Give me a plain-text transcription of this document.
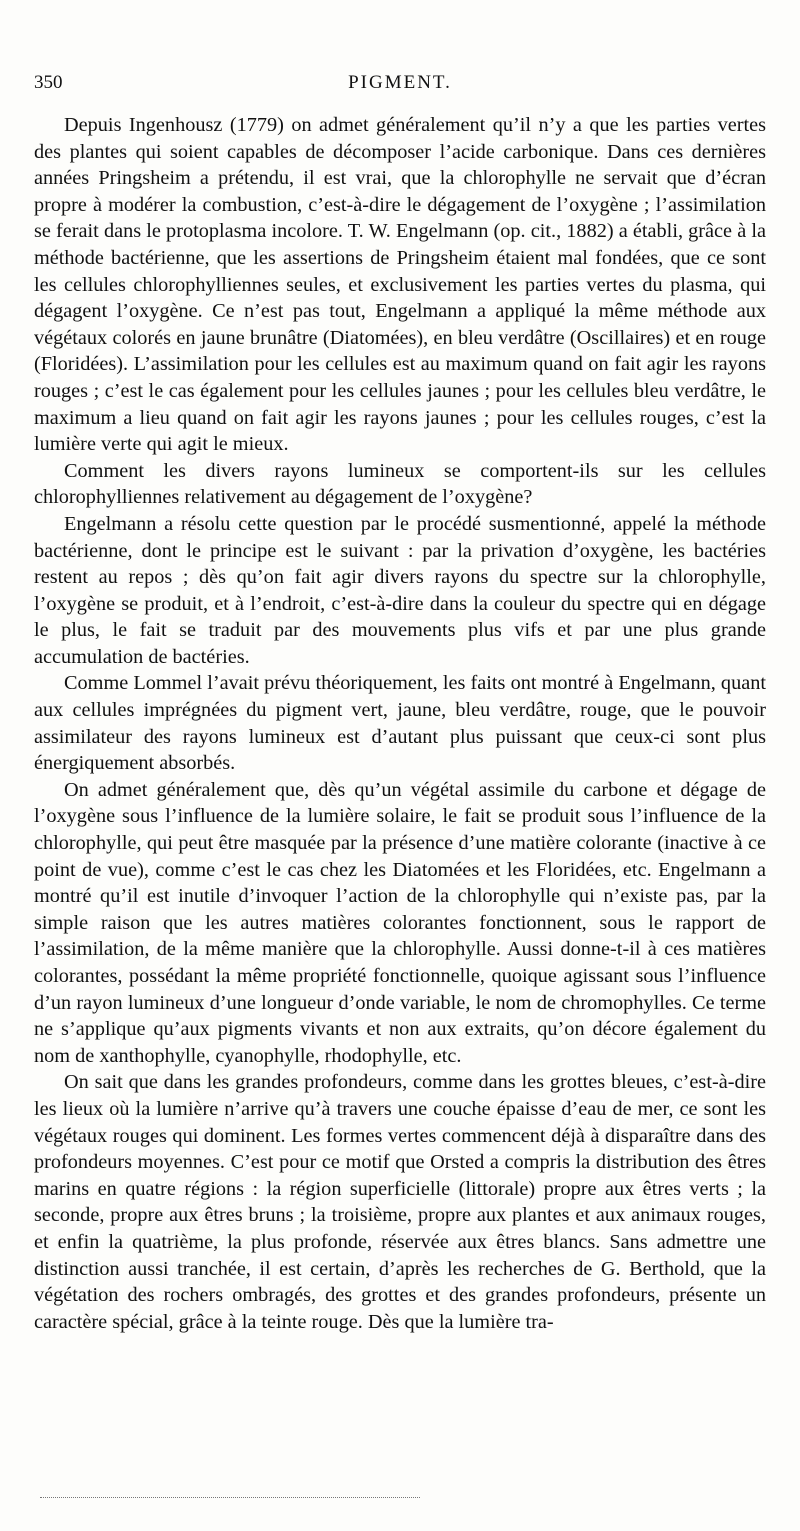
350	PIGMENT.

Depuis Ingenhousz (1779) on admet généralement qu’il n’y a que les parties vertes des plantes qui soient capables de décomposer l’acide carbonique. Dans ces dernières années Pringsheim a prétendu, il est vrai, que la chlorophylle ne servait que d’écran propre à modérer la combustion, c’est-à-dire le dégagement de l’oxygène ; l’assimilation se ferait dans le protoplasma incolore. T. W. Engelmann (op. cit., 1882) a établi, grâce à la méthode bactérienne, que les assertions de Pringsheim étaient mal fondées, que ce sont les cellules chlorophylliennes seules, et exclusivement les parties vertes du plasma, qui dégagent l’oxygène. Ce n’est pas tout, Engelmann a appliqué la même méthode aux végétaux colorés en jaune brunâtre (Diatomées), en bleu verdâtre (Oscillaires) et en rouge (Floridées). L’assimilation pour les cellules est au maximum quand on fait agir les rayons rouges ; c’est le cas également pour les cellules jaunes ; pour les cellules bleu verdâtre, le maximum a lieu quand on fait agir les rayons jaunes ; pour les cellules rouges, c’est la lumière verte qui agit le mieux.

Comment les divers rayons lumineux se comportent-ils sur les cellules chlorophylliennes relativement au dégagement de l’oxygène?

Engelmann a résolu cette question par le procédé susmentionné, appelé la méthode bactérienne, dont le principe est le suivant : par la privation d’oxygène, les bactéries restent au repos ; dès qu’on fait agir divers rayons du spectre sur la chlorophylle, l’oxygène se produit, et à l’endroit, c’est-à-dire dans la couleur du spectre qui en dégage le plus, le fait se traduit par des mouvements plus vifs et par une plus grande accumulation de bactéries.

Comme Lommel l’avait prévu théoriquement, les faits ont montré à Engelmann, quant aux cellules imprégnées du pigment vert, jaune, bleu verdâtre, rouge, que le pouvoir assimilateur des rayons lumineux est d’autant plus puissant que ceux-ci sont plus énergiquement absorbés.

On admet généralement que, dès qu’un végétal assimile du carbone et dégage de l’oxygène sous l’influence de la lumière solaire, le fait se produit sous l’influence de la chlorophylle, qui peut être masquée par la présence d’une matière colorante (inactive à ce point de vue), comme c’est le cas chez les Diatomées et les Floridées, etc. Engelmann a montré qu’il est inutile d’invoquer l’action de la chlorophylle qui n’existe pas, par la simple raison que les autres matières colorantes fonctionnent, sous le rapport de l’assimilation, de la même manière que la chlorophylle. Aussi donne-t-il à ces matières colorantes, possédant la même propriété fonctionnelle, quoique agissant sous l’influence d’un rayon lumineux d’une longueur d’onde variable, le nom de chromophylles. Ce terme ne s’applique qu’aux pigments vivants et non aux extraits, qu’on décore également du nom de xanthophylle, cyanophylle, rhodophylle, etc.

On sait que dans les grandes profondeurs, comme dans les grottes bleues, c’est-à-dire les lieux où la lumière n’arrive qu’à travers une couche épaisse d’eau de mer, ce sont les végétaux rouges qui dominent. Les formes vertes commencent déjà à disparaître dans des profondeurs moyennes. C’est pour ce motif que Orsted a compris la distribution des êtres marins en quatre régions : la région superficielle (littorale) propre aux êtres verts ; la seconde, propre aux êtres bruns ; la troisième, propre aux plantes et aux animaux rouges, et enfin la quatrième, la plus profonde, réservée aux êtres blancs. Sans admettre une distinction aussi tranchée, il est certain, d’après les recherches de G. Berthold, que la végétation des rochers ombragés, des grottes et des grandes profondeurs, présente un caractère spécial, grâce à la teinte rouge. Dès que la lumière tra-
